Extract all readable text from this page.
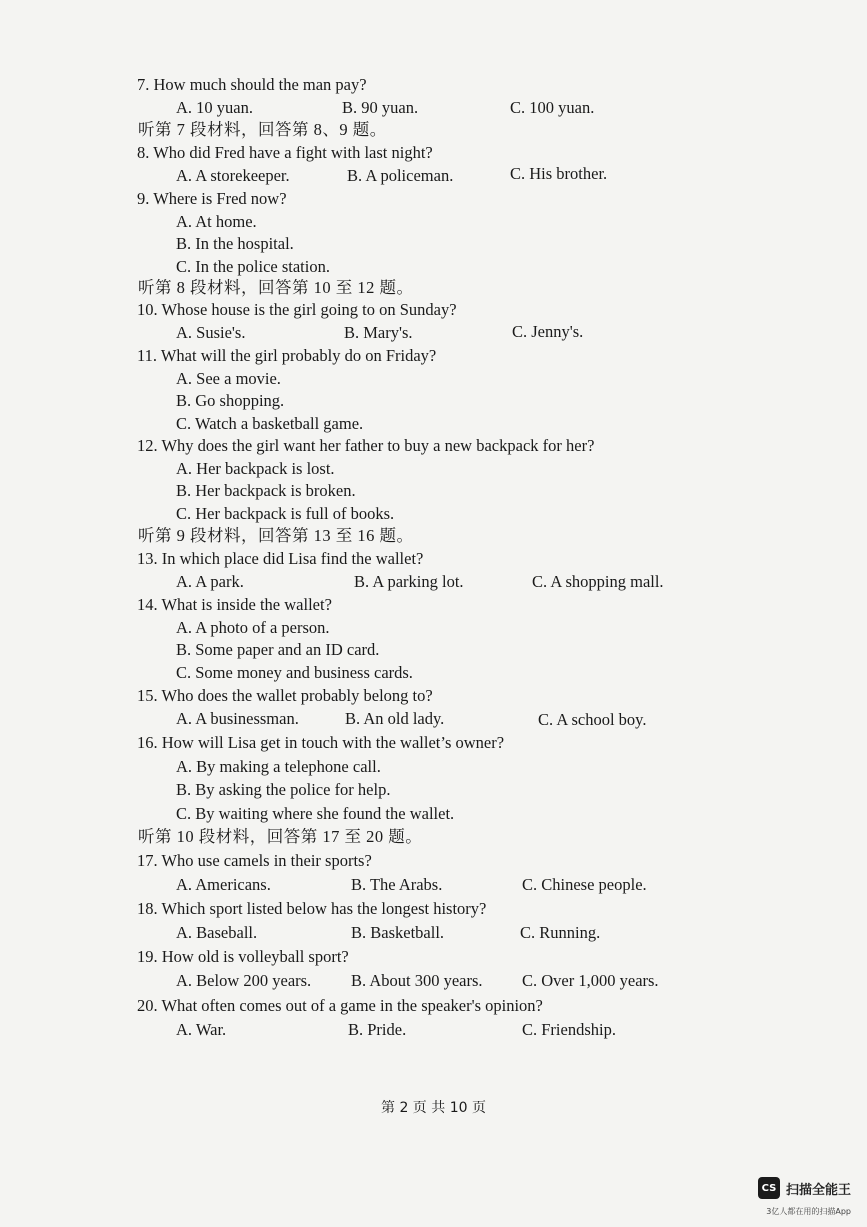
7. How much should the man pay?
A. 10 yuan.	B. 90 yuan.	C. 100 yuan.
听第 7 段材料，回答第 8、9 题。
8. Who did Fred have a fight with last night?
A. A storekeeper.	B. A policeman.	C. His brother.
9. Where is Fred now?
A. At home.
B. In the hospital.
C. In the police station.
听第 8 段材料，回答第 10 至 12 题。
10. Whose house is the girl going to on Sunday?
A. Susie's.	B. Mary's.	C. Jenny's.
11. What will the girl probably do on Friday?
A. See a movie.
B. Go shopping.
C. Watch a basketball game.
12. Why does the girl want her father to buy a new backpack for her?
A. Her backpack is lost.
B. Her backpack is broken.
C. Her backpack is full of books.
听第 9 段材料，回答第 13 至 16 题。
13. In which place did Lisa find the wallet?
A. A park.	B. A parking lot.	C. A shopping mall.
14. What is inside the wallet?
A. A photo of a person.
B. Some paper and an ID card.
C. Some money and business cards.
15. Who does the wallet probably belong to?
A. A businessman.	B. An old lady.	C. A school boy.
16. How will Lisa get in touch with the wallet’s owner?
A. By making a telephone call.
B. By asking the police for help.
C. By waiting where she found the wallet.
听第 10 段材料，回答第 17 至 20 题。
17. Who use camels in their sports?
A. Americans.	B. The Arabs.	C. Chinese people.
18. Which sport listed below has the longest history?
A. Baseball.	B. Basketball.	C. Running.
19. How old is volleyball sport?
A. Below 200 years. B. About 300 years. C. Over 1,000 years.
20. What often comes out of a game in the speaker's opinion?
A. War.	B. Pride.	C. Friendship.
第 2 页 共 10 页
CS 扫描全能王
3亿人都在用的扫描App
